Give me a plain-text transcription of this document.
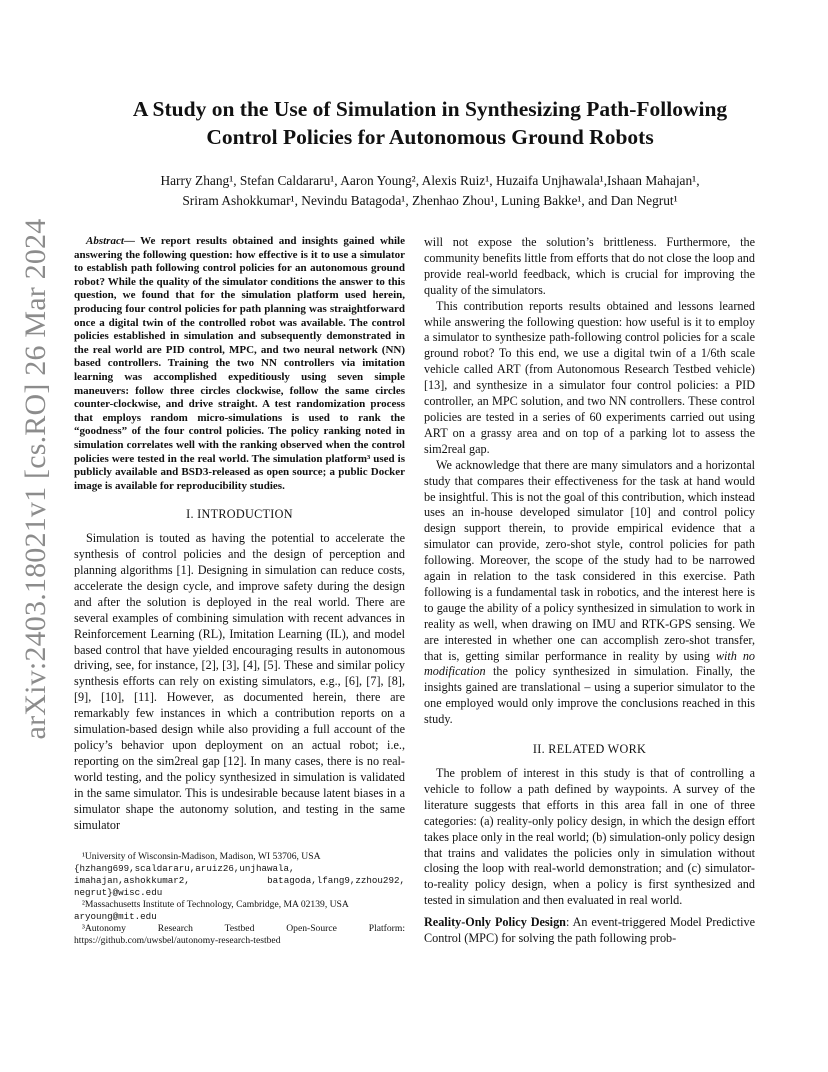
arXiv:2403.18021v1 [cs.RO] 26 Mar 2024
A Study on the Use of Simulation in Synthesizing Path-Following
Control Policies for Autonomous Ground Robots

Harry Zhang¹, Stefan Caldararu¹, Aaron Young², Alexis Ruiz¹, Huzaifa Unjhawala¹,Ishaan Mahajan¹,

Sriram Ashokkumar¹, Nevindu Batagoda¹, Zhenhao Zhou¹, Luning Bakke¹, and Dan Negrut¹

Abstract— We report results obtained and insights gained while answering the following question: how effective is it to use a simulator to establish path following control policies for an autonomous ground robot? While the quality of the simulator conditions the answer to this question, we found that for the simulation platform used herein, producing four control policies for path planning was straightforward once a digital twin of the controlled robot was available. The control policies established in simulation and subsequently demonstrated in the real world are PID control, MPC, and two neural network (NN) based controllers. Training the two NN controllers via imitation learning was accomplished expeditiously using seven simple maneuvers: follow three circles clockwise, follow the same circles counter-clockwise, and drive straight. A test randomization process that employs random micro-simulations is used to rank the “goodness” of the four control policies. The policy ranking noted in simulation correlates well with the ranking observed when the control policies were tested in the real world. The simulation platform³ used is publicly available and BSD3-released as open source; a public Docker image is available for reproducibility studies.

I. INTRODUCTION

Simulation is touted as having the potential to accelerate the synthesis of control policies and the design of perception and planning algorithms [1]. Designing in simulation can reduce costs, accelerate the design cycle, and improve safety during the design and after the solution is deployed in the real world. There are several examples of combining simulation with recent advances in Reinforcement Learning (RL), Imitation Learning (IL), and model based control that have yielded encouraging results in autonomous driving, see, for instance, [2], [3], [4], [5]. These and similar policy synthesis efforts can rely on existing simulators, e.g., [6], [7], [8], [9], [10], [11]. However, as documented herein, there are remarkably few instances in which a contribution reports on a simulation-based design while also providing a full account of the policy’s behavior upon deployment on an actual robot; i.e., reporting on the sim2real gap [12]. In many cases, there is no real-world testing, and the policy synthesized in simulation is validated in the same simulator. This is undesirable because latent biases in a simulator shape the autonomy solution, and testing in the same simulator

¹University of Wisconsin-Madison, Madison, WI 53706, USA

{hzhang699,scaldararu,aruiz26,unjhawala, imahajan,ashokkumar2, batagoda,lfang9,zzhou292, negrut}@wisc.edu

²Massachusetts Institute of Technology, Cambridge, MA 02139, USA

aryoung@mit.edu

³Autonomy Research Testbed Open-Source Platform: https://github.com/uwsbel/autonomy-research-testbed

will not expose the solution’s brittleness. Furthermore, the community benefits little from efforts that do not close the loop and provide real-world feedback, which is crucial for improving the quality of the simulators.

This contribution reports results obtained and lessons learned while answering the following question: how useful is it to employ a simulator to synthesize path-following control policies for a scale ground robot? To this end, we use a digital twin of a 1/6th scale vehicle called ART (from Autonomous Research Testbed vehicle) [13], and synthesize in a simulator four control policies: a PID controller, an MPC solution, and two NN controllers. These control policies are tested in a series of 60 experiments carried out using ART on a grassy area and on top of a parking lot to assess the sim2real gap.

We acknowledge that there are many simulators and a horizontal study that compares their effectiveness for the task at hand would be insightful. This is not the goal of this contribution, which instead uses an in-house developed simulator [10] and control policy design support therein, to provide empirical evidence that a simulator can provide, zero-shot style, control policies for path following. Moreover, the scope of the study had to be narrowed again in relation to the task considered in this exercise. Path following is a fundamental task in robotics, and the interest here is to gauge the ability of a policy synthesized in simulation to work in reality as well, when drawing on IMU and RTK-GPS sensing. We are interested in whether one can accomplish zero-shot transfer, that is, getting similar performance in reality by using with no modification the policy synthesized in simulation. Finally, the insights gained are translational – using a superior simulator to the one employed would only improve the conclusions reached in this study.

II. RELATED WORK

The problem of interest in this study is that of controlling a vehicle to follow a path defined by waypoints. A survey of the literature suggests that efforts in this area fall in one of three categories: (a) reality-only policy design, in which the design effort takes place only in the real world; (b) simulation-only policy design that trains and validates the policies only in simulation without closing the loop with real-world demonstration; and (c) simulator-to-reality policy design, when a policy is first synthesized and tested in simulation and then evaluated in real world.

Reality-Only Policy Design: An event-triggered Model Predictive Control (MPC) for solving the path following prob-
